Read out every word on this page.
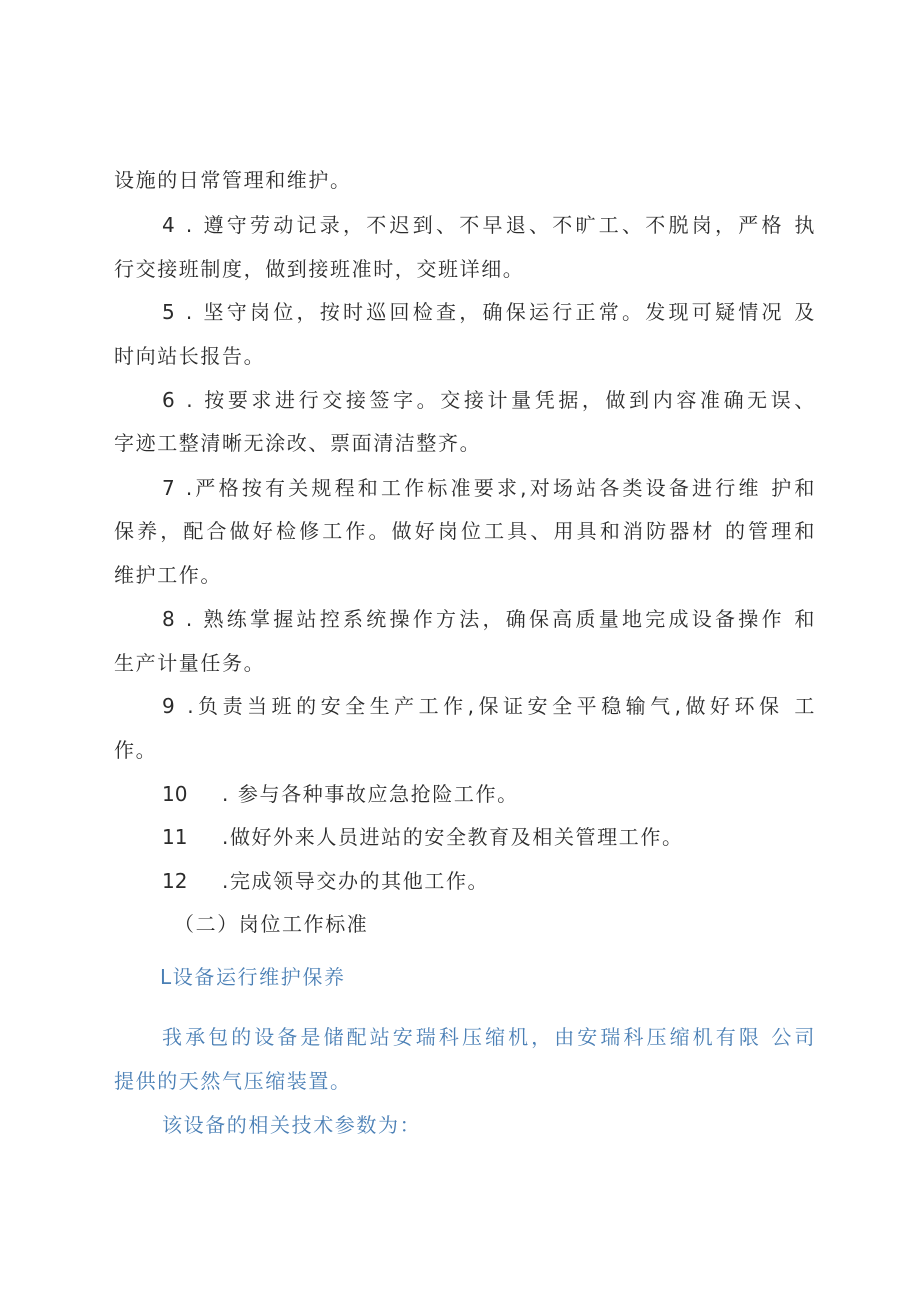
设施的日常管理和维护。
4 . 遵守劳动记录，不迟到、不早退、不旷工、不脱岗，严格 执
行交接班制度，做到接班准时，交班详细。
5 . 坚守岗位，按时巡回检查，确保运行正常。发现可疑情况 及
时向站长报告。
6 . 按要求进行交接签字。交接计量凭据，做到内容准确无误、
字迹工整清晰无涂改、票面清洁整齐。
7 .严格按有关规程和工作标准要求,对场站各类设备进行维 护和
保养，配合做好检修工作。做好岗位工具、用具和消防器材 的管理和
维护工作。
8 . 熟练掌握站控系统操作方法，确保高质量地完成设备操作 和
生产计量任务。
9 .负责当班的安全生产工作,保证安全平稳输气,做好环保 工
作。
10 . 参与各种事故应急抢险工作。
11 .做好外来人员进站的安全教育及相关管理工作。
12 .完成领导交办的其他工作。
（二）岗位工作标准
L设备运行维护保养
我承包的设备是储配站安瑞科压缩机，由安瑞科压缩机有限 公司
提供的天然气压缩装置。
该设备的相关技术参数为：
